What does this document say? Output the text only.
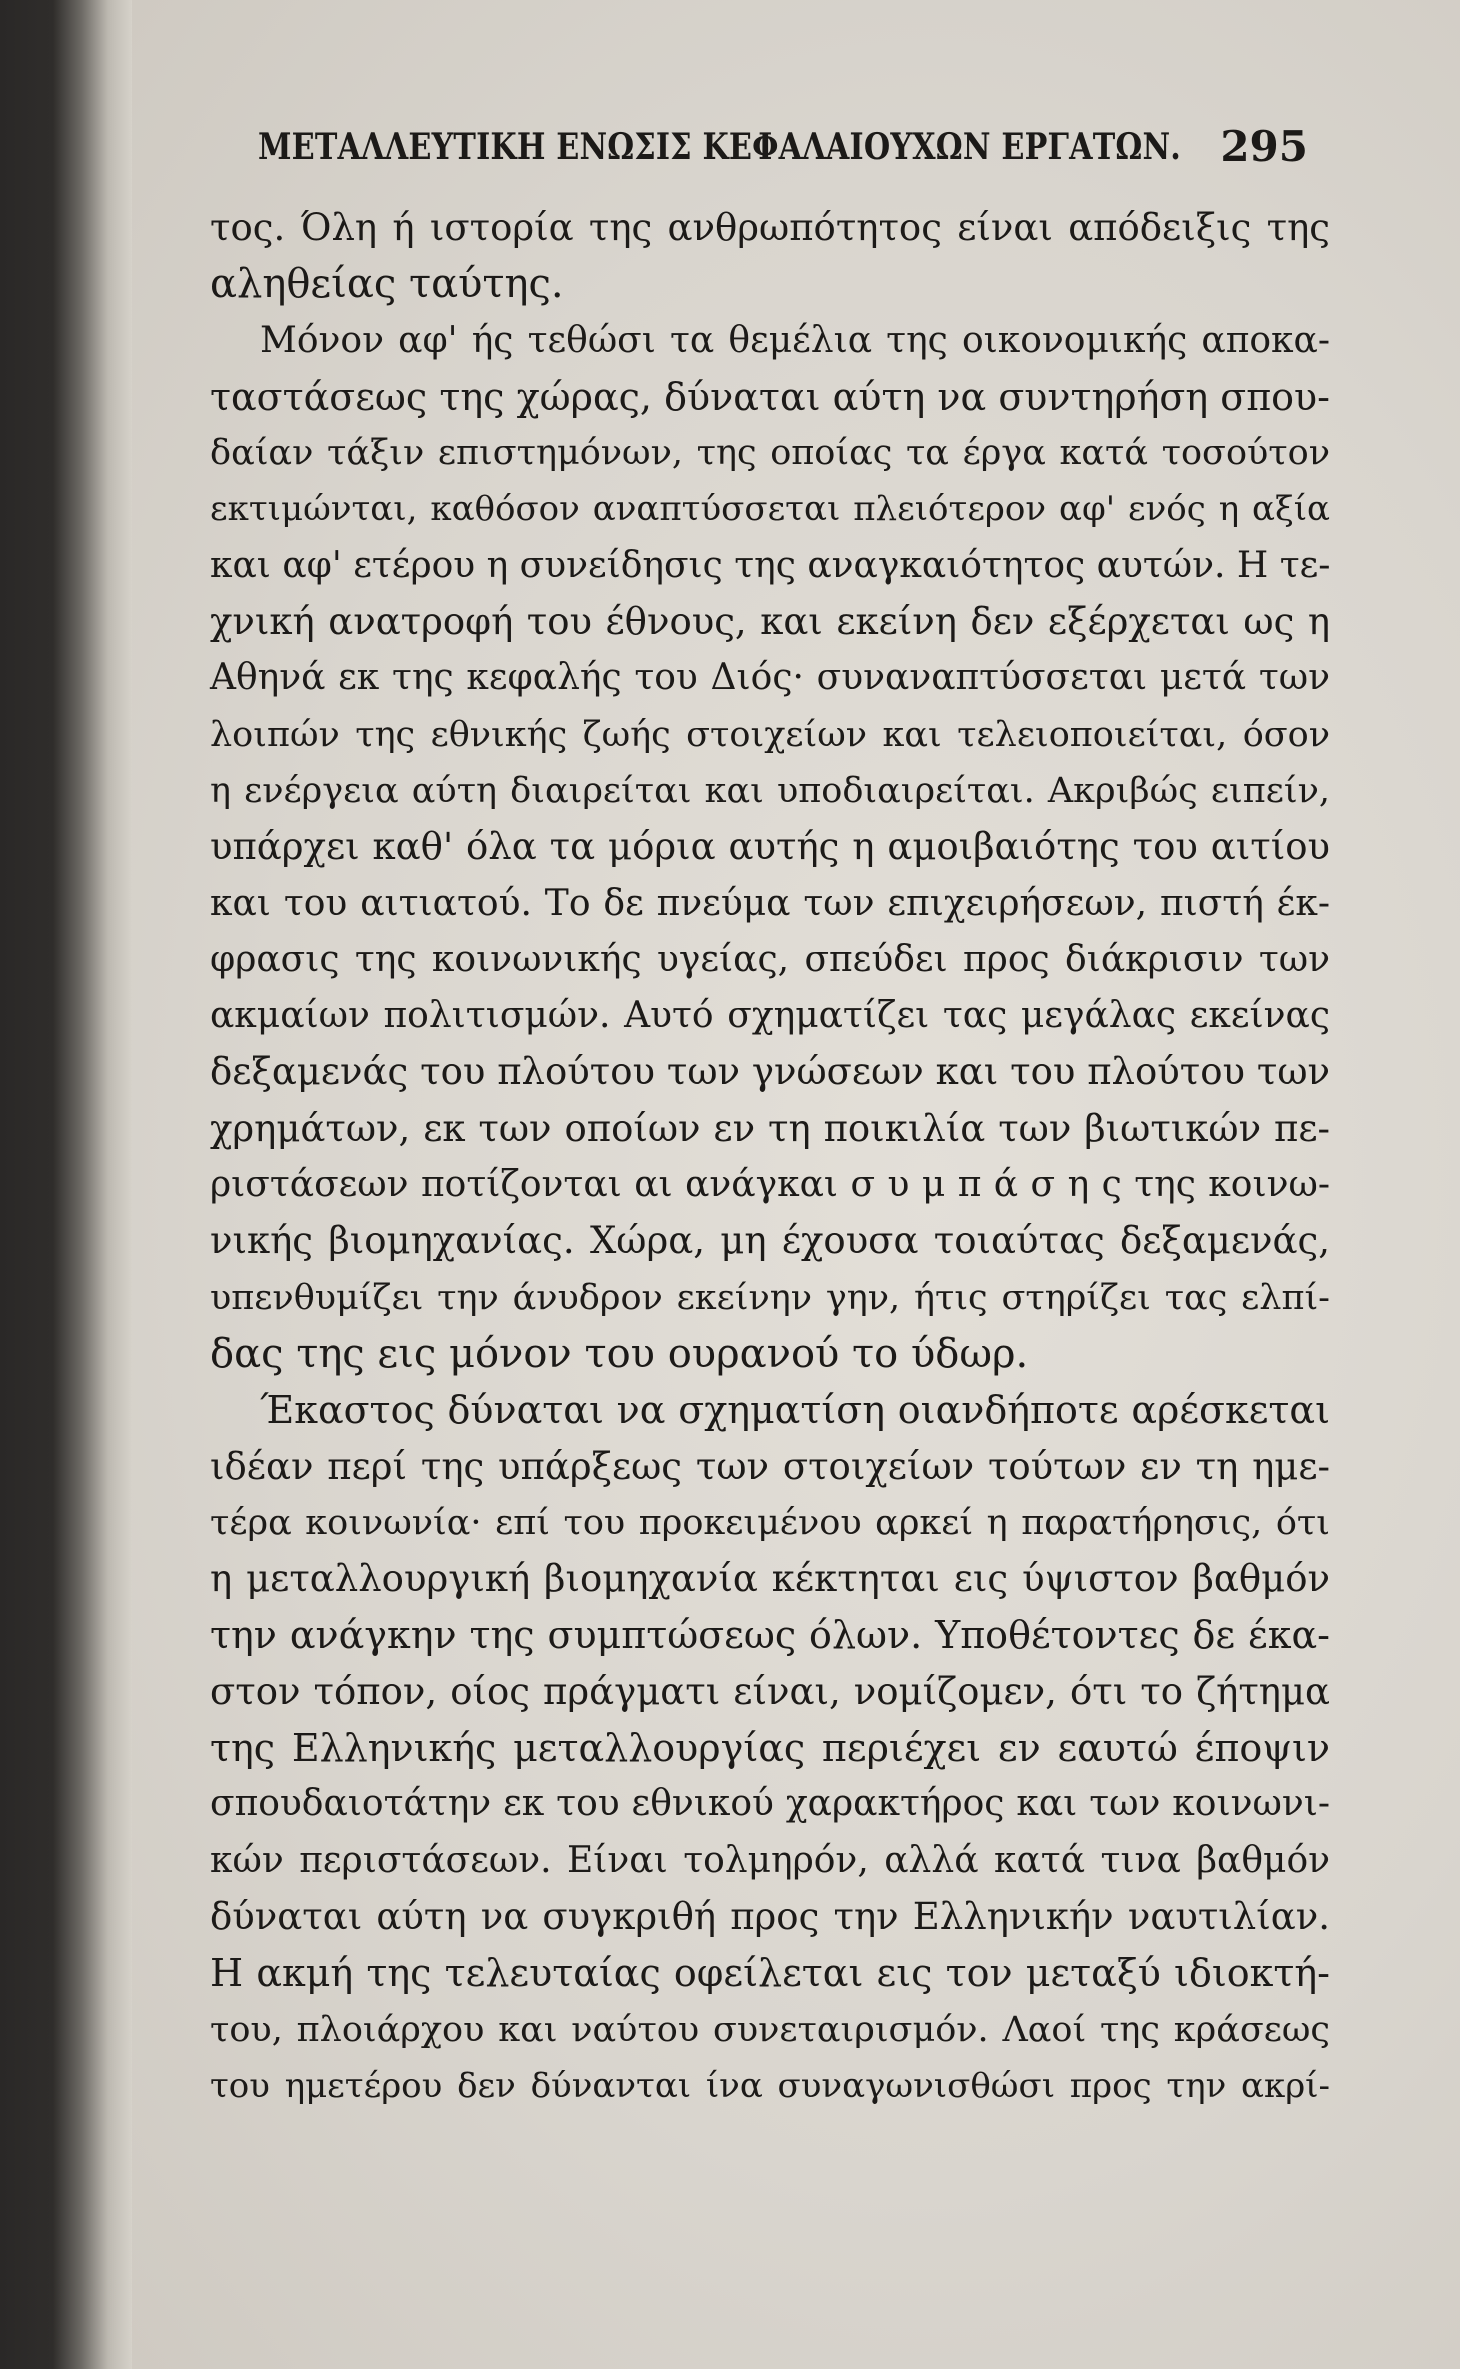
ΜΕΤΑΛΛΕΥΤΙΚΗ ΕΝΩΣΙΣ ΚΕΦΑΛΑΙΟΥΧΩΝ ΕΡΓΑΤΩΝ. 295
τος. Όλη ή ιστορία της ανθρωπότητος είναι απόδειξις της
αληθείας ταύτης.
Μόνον αφ' ής τεθώσι τα θεμέλια της οικονομικής αποκα-
ταστάσεως της χώρας, δύναται αύτη να συντηρήση σπου-
δαίαν τάξιν επιστημόνων, της οποίας τα έργα κατά τοσούτον
εκτιμώνται, καθόσον αναπτύσσεται πλειότερον αφ' ενός η αξία
και αφ' ετέρου η συνείδησις της αναγκαιότητος αυτών. Η τε-
χνική ανατροφή του έθνους, και εκείνη δεν εξέρχεται ως η
Αθηνά εκ της κεφαλής του Διός· συναναπτύσσεται μετά των
λοιπών της εθνικής ζωής στοιχείων και τελειοποιείται, όσον
η ενέργεια αύτη διαιρείται και υποδιαιρείται. Ακριβώς ειπείν,
υπάρχει καθ' όλα τα μόρια αυτής η αμοιβαιότης του αιτίου
και του αιτιατού. Το δε πνεύμα των επιχειρήσεων, πιστή έκ-
φρασις της κοινωνικής υγείας, σπεύδει προς διάκρισιν των
ακμαίων πολιτισμών. Αυτό σχηματίζει τας μεγάλας εκείνας
δεξαμενάς του πλούτου των γνώσεων και του πλούτου των
χρημάτων, εκ των οποίων εν τη ποικιλία των βιωτικών πε-
ριστάσεων ποτίζονται αι ανάγκαι σ υ μ π ά σ η ς της κοινω-
νικής βιομηχανίας. Χώρα, μη έχουσα τοιαύτας δεξαμενάς,
υπενθυμίζει την άνυδρον εκείνην γην, ήτις στηρίζει τας ελπί-
δας της εις μόνον του ουρανού το ύδωρ.
Έκαστος δύναται να σχηματίση οιανδήποτε αρέσκεται
ιδέαν περί της υπάρξεως των στοιχείων τούτων εν τη ημε-
τέρα κοινωνία· επί του προκειμένου αρκεί η παρατήρησις, ότι
η μεταλλουργική βιομηχανία κέκτηται εις ύψιστον βαθμόν
την ανάγκην της συμπτώσεως όλων. Υποθέτοντες δε έκα-
στον τόπον, οίος πράγματι είναι, νομίζομεν, ότι το ζήτημα
της Ελληνικής μεταλλουργίας περιέχει εν εαυτώ έποψιν
σπουδαιοτάτην εκ του εθνικού χαρακτήρος και των κοινωνι-
κών περιστάσεων. Είναι τολμηρόν, αλλά κατά τινα βαθμόν
δύναται αύτη να συγκριθή προς την Ελληνικήν ναυτιλίαν.
Η ακμή της τελευταίας οφείλεται εις τον μεταξύ ιδιοκτή-
του, πλοιάρχου και ναύτου συνεταιρισμόν. Λαοί της κράσεως
του ημετέρου δεν δύνανται ίνα συναγωνισθώσι προς την ακρί-
